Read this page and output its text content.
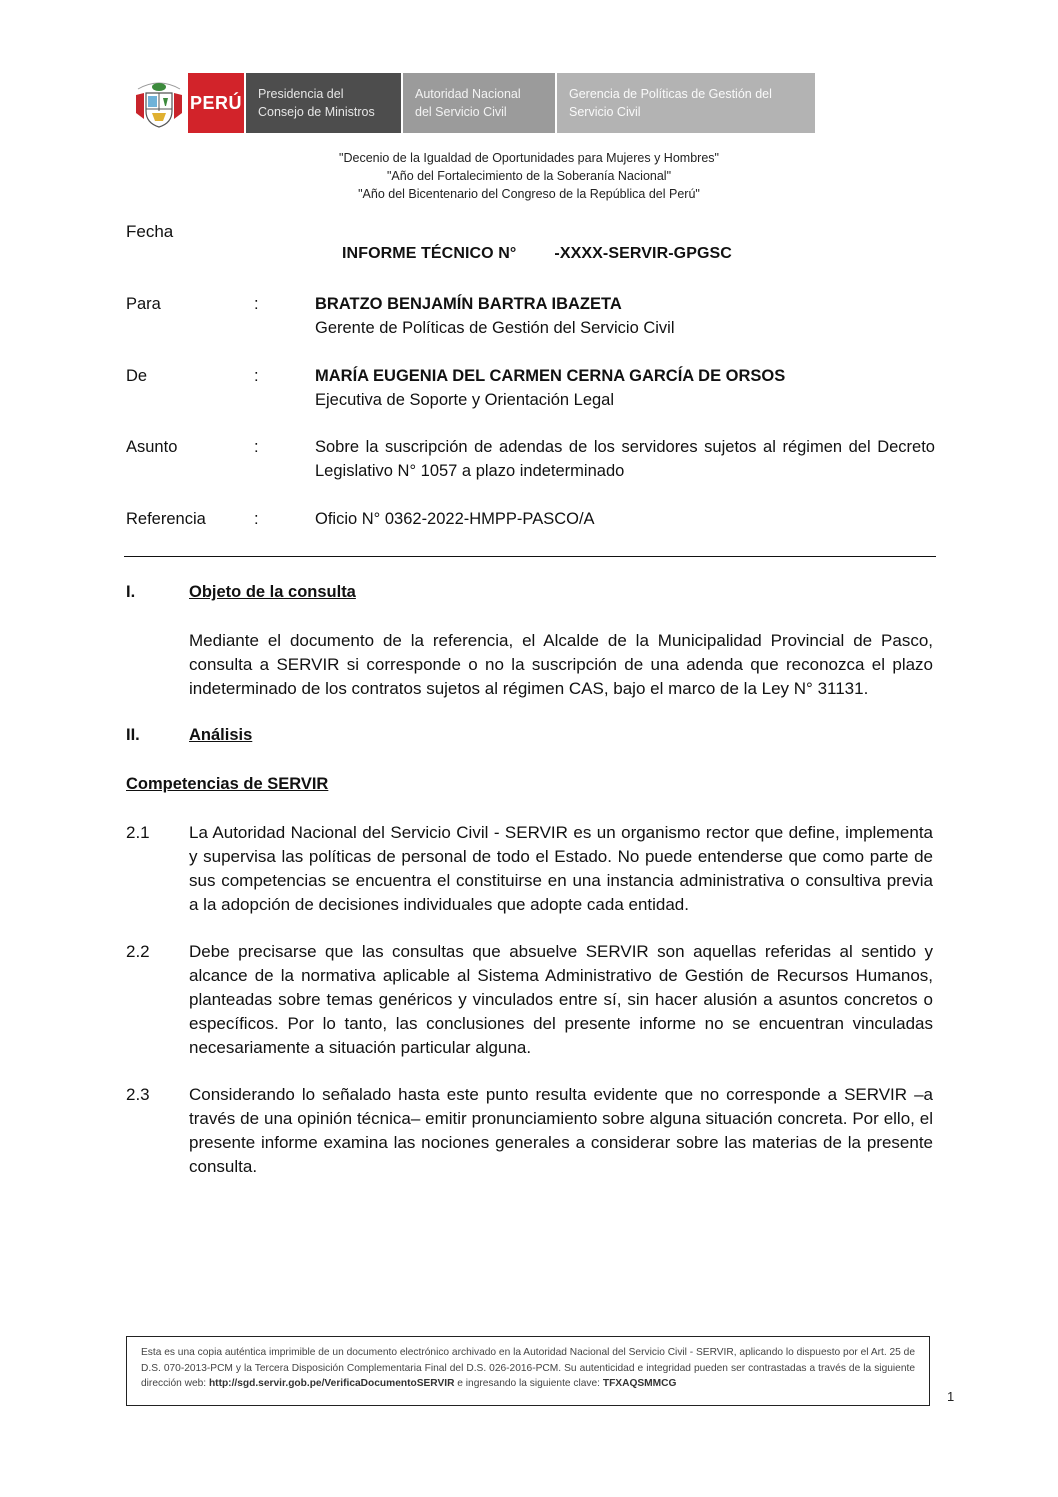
PERÚ Presidencia del
Consejo de Ministros
Autoridad Nacional
del Servicio Civil
Gerencia de Políticas de Gestión del
Servicio Civil
"Decenio de la Igualdad de Oportunidades para Mujeres y Hombres"
"Año del Fortalecimiento de la Soberanía Nacional"
"Año del Bicentenario del Congreso de la República del Perú"
Fecha
INFORME TÉCNICO N° -XXXX-SERVIR-GPGSC
Para	:	BRATZO BENJAMÍN BARTRA IBAZETA
Gerente de Políticas de Gestión del Servicio Civil
De	:	MARÍA EUGENIA DEL CARMEN CERNA GARCÍA DE ORSOS
Ejecutiva de Soporte y Orientación Legal
Asunto	:	Sobre la suscripción de adendas de los servidores sujetos al régimen del Decreto Legislativo N° 1057 a plazo indeterminado
Referencia	:	Oficio N° 0362-2022-HMPP-PASCO/A
I.	Objeto de la consulta
Mediante el documento de la referencia, el Alcalde de la Municipalidad Provincial de Pasco, consulta a SERVIR si corresponde o no la suscripción de una adenda que reconozca el plazo indeterminado de los contratos sujetos al régimen CAS, bajo el marco de la Ley N° 31131.
II.	Análisis
Competencias de SERVIR
2.1 La Autoridad Nacional del Servicio Civil - SERVIR es un organismo rector que define, implementa y supervisa las políticas de personal de todo el Estado. No puede entenderse que como parte de sus competencias se encuentra el constituirse en una instancia administrativa o consultiva previa a la adopción de decisiones individuales que adopte cada entidad.
2.2 Debe precisarse que las consultas que absuelve SERVIR son aquellas referidas al sentido y alcance de la normativa aplicable al Sistema Administrativo de Gestión de Recursos Humanos, planteadas sobre temas genéricos y vinculados entre sí, sin hacer alusión a asuntos concretos o específicos. Por lo tanto, las conclusiones del presente informe no se encuentran vinculadas necesariamente a situación particular alguna.
2.3 Considerando lo señalado hasta este punto resulta evidente que no corresponde a SERVIR –a través de una opinión técnica– emitir pronunciamiento sobre alguna situación concreta. Por ello, el presente informe examina las nociones generales a considerar sobre las materias de la presente consulta.
Esta es una copia auténtica imprimible de un documento electrónico archivado en la Autoridad Nacional del Servicio Civil - SERVIR, aplicando lo dispuesto por el Art. 25 de D.S. 070-2013-PCM y la Tercera Disposición Complementaria Final del D.S. 026-2016-PCM. Su autenticidad e integridad pueden ser contrastadas a través de la siguiente dirección web: http://sgd.servir.gob.pe/VerificaDocumentoSERVIR e ingresando la siguiente clave: TFXAQSMMCG
1
